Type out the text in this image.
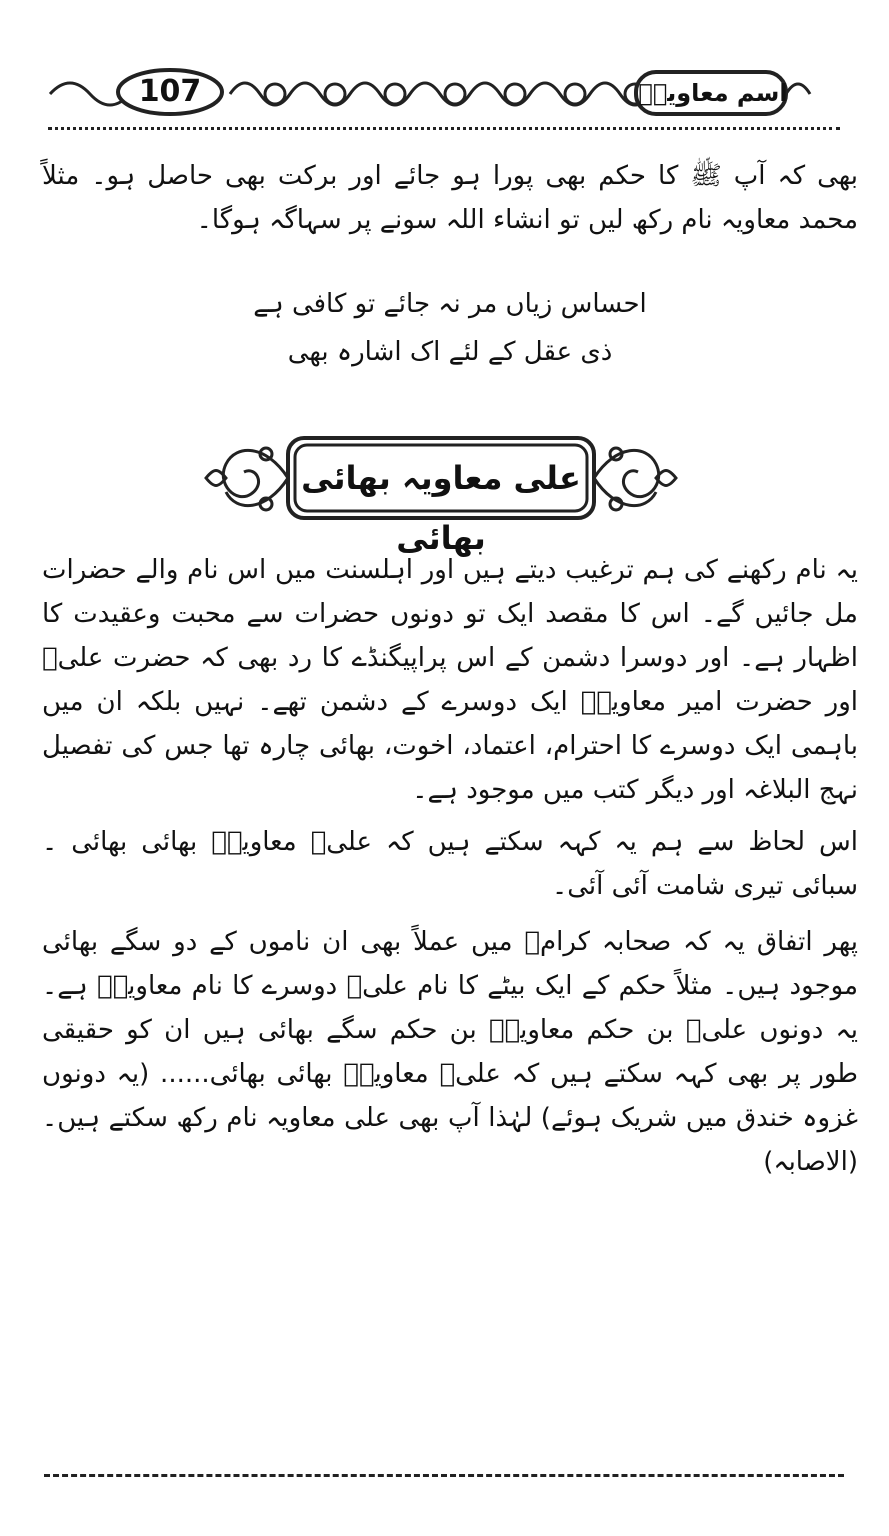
107	اسم معاویہؓ
بھی کہ آپ ﷺ کا حکم بھی پورا ہو جائے اور برکت بھی حاصل ہو۔ مثلاً محمد معاویہ نام رکھ لیں تو انشاء اللہ سونے پر سہاگہ ہوگا۔
احساس زیاں مر نہ جائے تو کافی ہے
ذی عقل کے لئے اک اشارہ بھی
علی معاویہ بھائی بھائی
یہ نام رکھنے کی ہم ترغیب دیتے ہیں اور اہلسنت میں اس نام والے حضرات مل جائیں گے۔ اس کا مقصد ایک تو دونوں حضرات سے محبت وعقیدت کا اظہار ہے۔ اور دوسرا دشمن کے اس پراپیگنڈے کا رد بھی کہ حضرت علیؓ اور حضرت امیر معاویہؓ ایک دوسرے کے دشمن تھے۔ نہیں بلکہ ان میں باہمی ایک دوسرے کا احترام، اعتماد، اخوت، بھائی چارہ تھا جس کی تفصیل نہج البلاغہ اور دیگر کتب میں موجود ہے۔
اس لحاظ سے ہم یہ کہہ سکتے ہیں کہ علیؓ معاویہؓ بھائی بھائی ۔ سبائی تیری شامت آئی آئی۔
پھر اتفاق یہ کہ صحابہ کرامؓ میں عملاً بھی ان ناموں کے دو سگے بھائی موجود ہیں۔ مثلاً حکم کے ایک بیٹے کا نام علیؓ دوسرے کا نام معاویہؓ ہے۔ یہ دونوں علیؓ بن حکم معاویہؓ بن حکم سگے بھائی ہیں ان کو حقیقی طور پر بھی کہہ سکتے ہیں کہ علیؓ معاویہؓ بھائی بھائی...... (یہ دونوں غزوہ خندق میں شریک ہوئے) لہٰذا آپ بھی علی معاویہ نام رکھ سکتے ہیں۔ (الاصابہ)
